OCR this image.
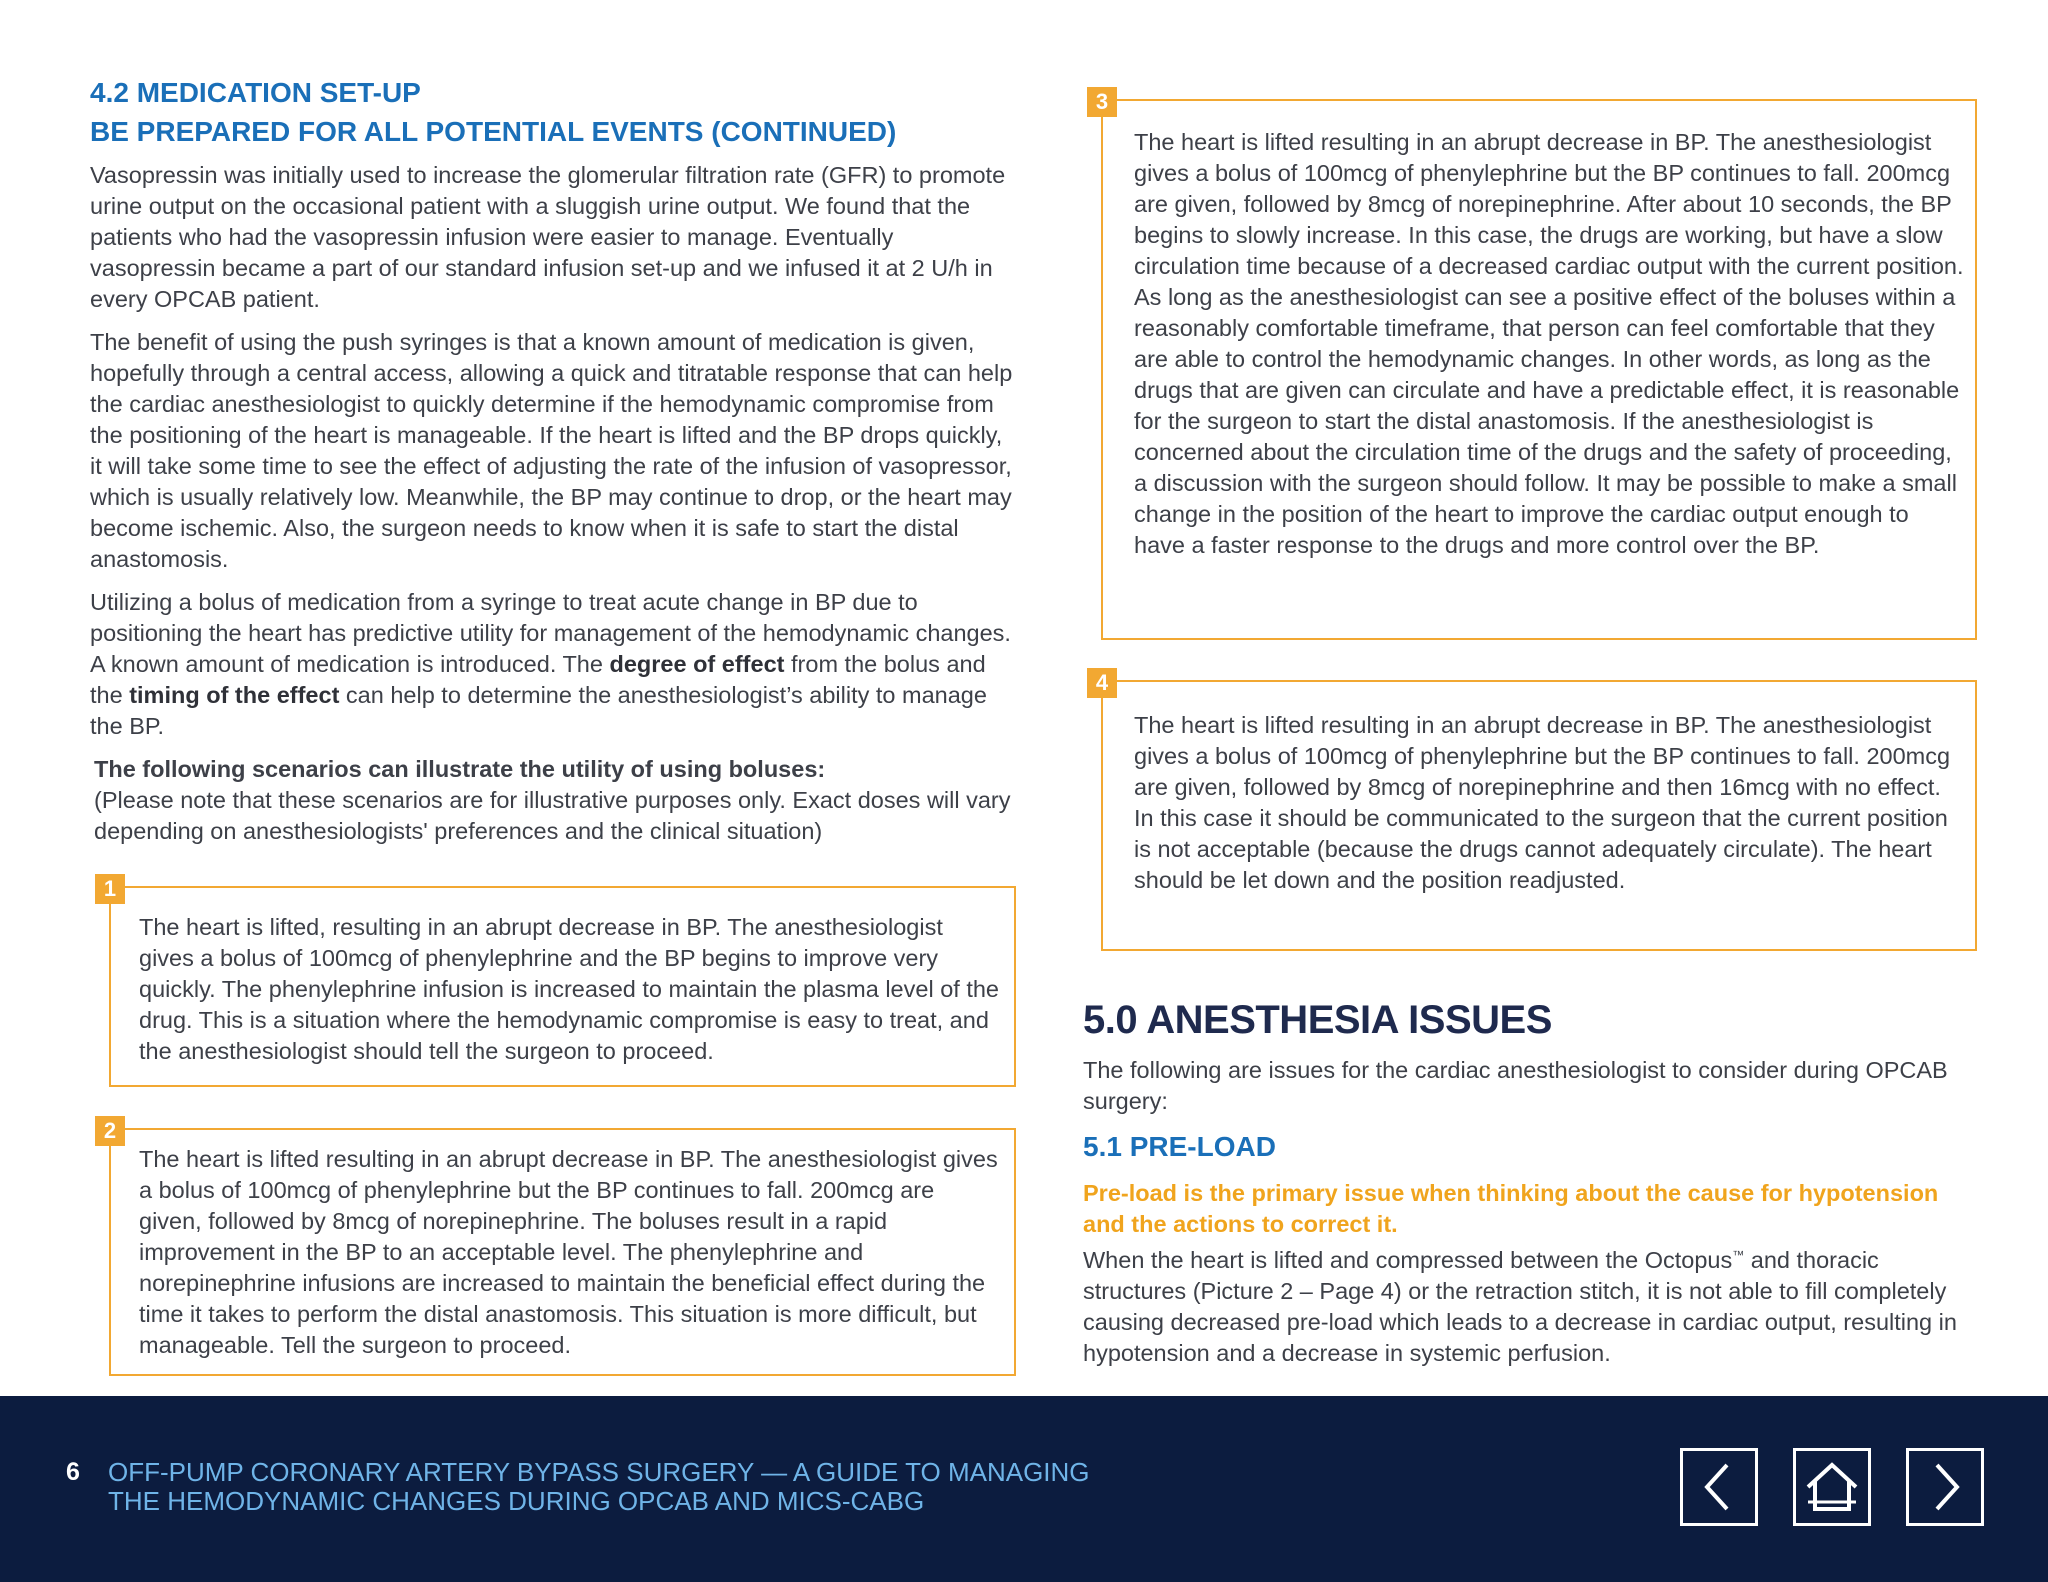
4.2 MEDICATION SET-UP
BE PREPARED FOR ALL POTENTIAL EVENTS (CONTINUED)

Vasopressin was initially used to increase the glomerular filtration rate (GFR) to promote urine output on the occasional patient with a sluggish urine output. We found that the patients who had the vasopressin infusion were easier to manage. Eventually vasopressin became a part of our standard infusion set-up and we infused it at 2 U/h in every OPCAB patient.

The benefit of using the push syringes is that a known amount of medication is given, hopefully through a central access, allowing a quick and titratable response that can help the cardiac anesthesiologist to quickly determine if the hemodynamic compromise from the positioning of the heart is manageable. If the heart is lifted and the BP drops quickly, it will take some time to see the effect of adjusting the rate of the infusion of vasopressor, which is usually relatively low. Meanwhile, the BP may continue to drop, or the heart may become ischemic. Also, the surgeon needs to know when it is safe to start the distal anastomosis.

Utilizing a bolus of medication from a syringe to treat acute change in BP due to positioning the heart has predictive utility for management of the hemodynamic changes. A known amount of medication is introduced. The degree of effect from the bolus and the timing of the effect can help to determine the anesthesiologist’s ability to manage the BP.

The following scenarios can illustrate the utility of using boluses:
(Please note that these scenarios are for illustrative purposes only. Exact doses will vary depending on anesthesiologists' preferences and the clinical situation)
1

The heart is lifted, resulting in an abrupt decrease in BP. The anesthesiologist gives a bolus of 100mcg of phenylephrine and the BP begins to improve very quickly. The phenylephrine infusion is increased to maintain the plasma level of the drug. This is a situation where the hemodynamic compromise is easy to treat, and the anesthesiologist should tell the surgeon to proceed.

2

The heart is lifted resulting in an abrupt decrease in BP. The anesthesiologist gives a bolus of 100mcg of phenylephrine but the BP continues to fall. 200mcg are given, followed by 8mcg of norepinephrine. The boluses result in a rapid improvement in the BP to an acceptable level. The phenylephrine and norepinephrine infusions are increased to maintain the beneficial effect during the time it takes to perform the distal anastomosis. This situation is more difficult, but manageable. Tell the surgeon to proceed.

3

The heart is lifted resulting in an abrupt decrease in BP. The anesthesiologist gives a bolus of 100mcg of phenylephrine but the BP continues to fall. 200mcg are given, followed by 8mcg of norepinephrine. After about 10 seconds, the BP begins to slowly increase. In this case, the drugs are working, but have a slow circulation time because of a decreased cardiac output with the current position. As long as the anesthesiologist can see a positive effect of the boluses within a reasonably comfortable timeframe, that person can feel comfortable that they are able to control the hemodynamic changes. In other words, as long as the drugs that are given can circulate and have a predictable effect, it is reasonable for the surgeon to start the distal anastomosis. If the anesthesiologist is concerned about the circulation time of the drugs and the safety of proceeding, a discussion with the surgeon should follow. It may be possible to make a small change in the position of the heart to improve the cardiac output enough to have a faster response to the drugs and more control over the BP.

4

The heart is lifted resulting in an abrupt decrease in BP. The anesthesiologist gives a bolus of 100mcg of phenylephrine but the BP continues to fall. 200mcg are given, followed by 8mcg of norepinephrine and then 16mcg with no effect. In this case it should be communicated to the surgeon that the current position is not acceptable (because the drugs cannot adequately circulate). The heart should be let down and the position readjusted.

5.0 ANESTHESIA ISSUES

The following are issues for the cardiac anesthesiologist to consider during OPCAB surgery:

5.1 PRE-LOAD

Pre-load is the primary issue when thinking about the cause for hypotension and the actions to correct it.

When the heart is lifted and compressed between the Octopus™ and thoracic structures (Picture 2 – Page 4) or the retraction stitch, it is not able to fill completely causing decreased pre-load which leads to a decrease in cardiac output, resulting in hypotension and a decrease in systemic perfusion.

6 OFF-PUMP CORONARY ARTERY BYPASS SURGERY — A GUIDE TO MANAGING
THE HEMODYNAMIC CHANGES DURING OPCAB AND MICS-CABG
